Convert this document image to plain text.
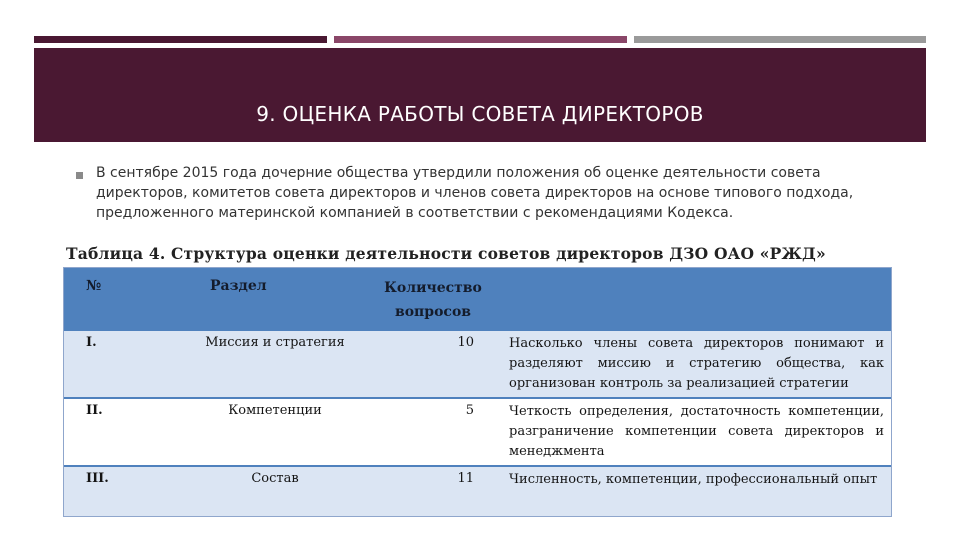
9. ОЦЕНКА РАБОТЫ СОВЕТА ДИРЕКТОРОВ
В сентябре 2015 года дочерние общества утвердили положения об оценке деятельности совета директоров, комитетов совета директоров и членов совета директоров на основе типового подхода, предложенного материнской компанией в соответствии с рекомендациями Кодекса.
Таблица 4. Структура оценки деятельности советов директоров ДЗО ОАО «РЖД»
№	Раздел	Количество
вопросов
I.	Миссия и стратегия	10	Насколько члены совета директоров понимают и разделяют миссию и стратегию общества, как организован контроль за реализацией стратегии
II.	Компетенции	5	Четкость определения, достаточность компетенции, разграничение компетенции совета директоров и менеджмента
III.	Состав	11	Численность, компетенции, профессиональный опыт
